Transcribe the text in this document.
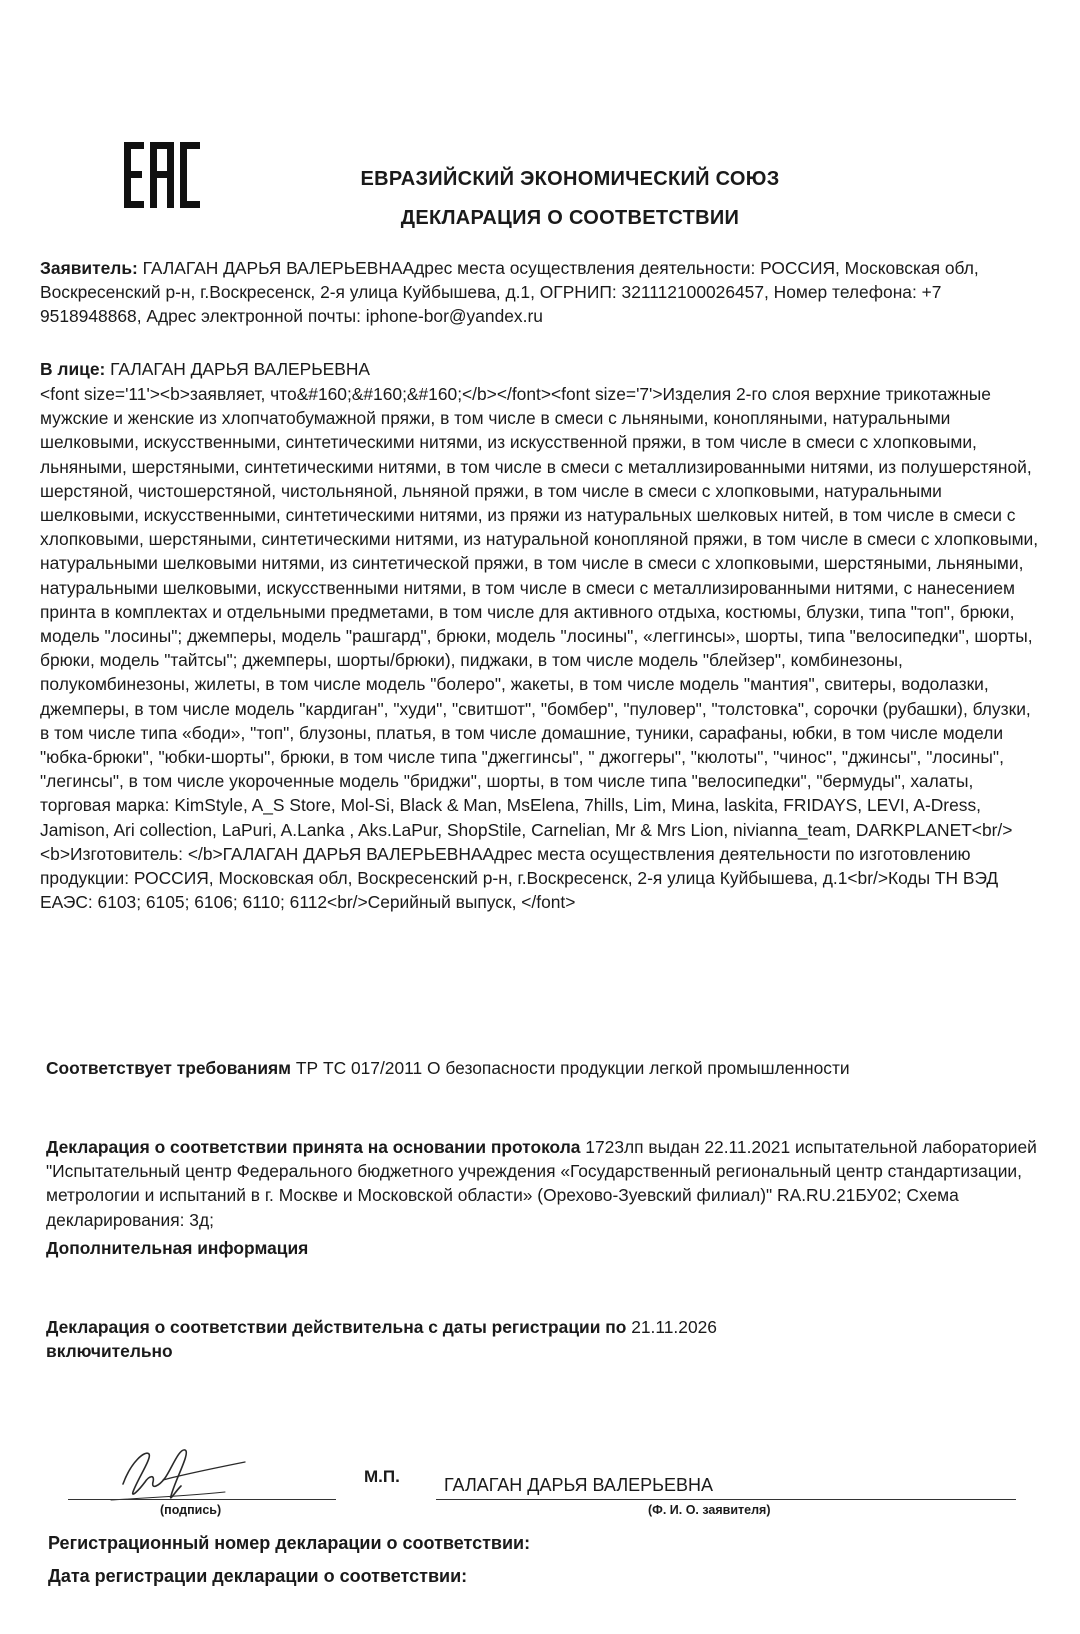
ЕВРАЗИЙСКИЙ ЭКОНОМИЧЕСКИЙ СОЮЗ
ДЕКЛАРАЦИЯ О СООТВЕТСТВИИ
Заявитель: ГАЛАГАН ДАРЬЯ ВАЛЕРЬЕВНААдрес места осуществления деятельности: РОССИЯ, Московская обл, Воскресенский р-н, г.Воскресенск, 2-я улица Куйбышева, д.1, ОГРНИП: 321112100026457, Номер телефона: +7 9518948868, Адрес электронной почты: iphone-bor@yandex.ru
В лице: ГАЛАГАН ДАРЬЯ ВАЛЕРЬЕВНА
<font size='11'><b>заявляет, что&#160;&#160;&#160;</b></font><font size='7'>Изделия 2-го слоя верхние трикотажные мужские и женские из хлопчатобумажной пряжи, в том числе в смеси с льняными, конопляными, натуральными шелковыми, искусственными, синтетическими нитями, из искусственной пряжи, в том числе в смеси с хлопковыми, льняными, шерстяными, синтетическими нитями, в том числе в смеси с металлизированными нитями, из полушерстяной, шерстяной, чистошерстяной, чистольняной, льняной пряжи, в том числе в смеси с хлопковыми, натуральными шелковыми, искусственными, синтетическими нитями, из пряжи из натуральных шелковых нитей, в том числе в смеси с хлопковыми, шерстяными, синтетическими нитями, из натуральной конопляной пряжи, в том числе в смеси с хлопковыми, натуральными шелковыми нитями, из синтетической пряжи, в том числе в смеси с хлопковыми, шерстяными, льняными, натуральными шелковыми, искусственными нитями, в том числе в смеси с металлизированными нитями, с нанесением принта в комплектах и отдельными предметами, в том числе для активного отдыха, костюмы, блузки, типа "топ", брюки, модель "лосины"; джемперы, модель "рашгард", брюки, модель "лосины", «леггинсы», шорты, типа "велосипедки", шорты, брюки, модель "тайтсы"; джемперы, шорты/брюки), пиджаки, в том числе модель "блейзер", комбинезоны, полукомбинезоны, жилеты, в том числе модель "болеро", жакеты, в том числе модель "мантия", свитеры, водолазки, джемперы, в том числе модель "кардиган", "худи", "свитшот", "бомбер", "пуловер", "толстовка", сорочки (рубашки), блузки, в том числе типа «боди», "топ", блузоны, платья, в том числе домашние, туники, сарафаны, юбки, в том числе модели "юбка-брюки", "юбки-шорты", брюки, в том числе типа "джеггинсы", " джоггеры", "кюлоты", "чинос", "джинсы", "лосины", "легинсы", в том числе укороченные модель "бриджи", шорты, в том числе типа "велосипедки", "бермуды", халаты, торговая марка: KimStyle, A_S Store, Mol-Si, Black & Man, MsElena, 7hills, Lim, Мина, laskita, FRIDAYS, LEVI, A-Dress, Jamison, Ari collection, LaPuri, A.Lanka , Aks.LaPur, ShopStile, Carnelian, Mr & Mrs Lion, nivianna_team, DARKPLANET<br/><b>Изготовитель: </b>ГАЛАГАН ДАРЬЯ ВАЛЕРЬЕВНААдрес места осуществления деятельности по изготовлению продукции: РОССИЯ, Московская обл, Воскресенский р-н, г.Воскресенск, 2-я улица Куйбышева, д.1<br/>Коды ТН ВЭД ЕАЭС: 6103; 6105; 6106; 6110; 6112<br/>Серийный выпуск, </font>
Соответствует требованиям ТР ТС 017/2011 О безопасности продукции легкой промышленности
Декларация о соответствии принята на основании протокола 1723лп выдан 22.11.2021 испытательной лабораторией "Испытательный центр Федерального бюджетного учреждения «Государственный региональный центр стандартизации, метрологии и испытаний в г. Москве и Московской области» (Орехово-Зуевский филиал)" RA.RU.21БУ02; Схема декларирования: 3д;
Дополнительная информация
Декларация о соответствии действительна с даты регистрации по 21.11.2026
включительно
(подпись)
М.П. ГАЛАГАН ДАРЬЯ ВАЛЕРЬЕВНА
(Ф. И. О. заявителя)
Регистрационный номер декларации о соответствии:
Дата регистрации декларации о соответствии:
